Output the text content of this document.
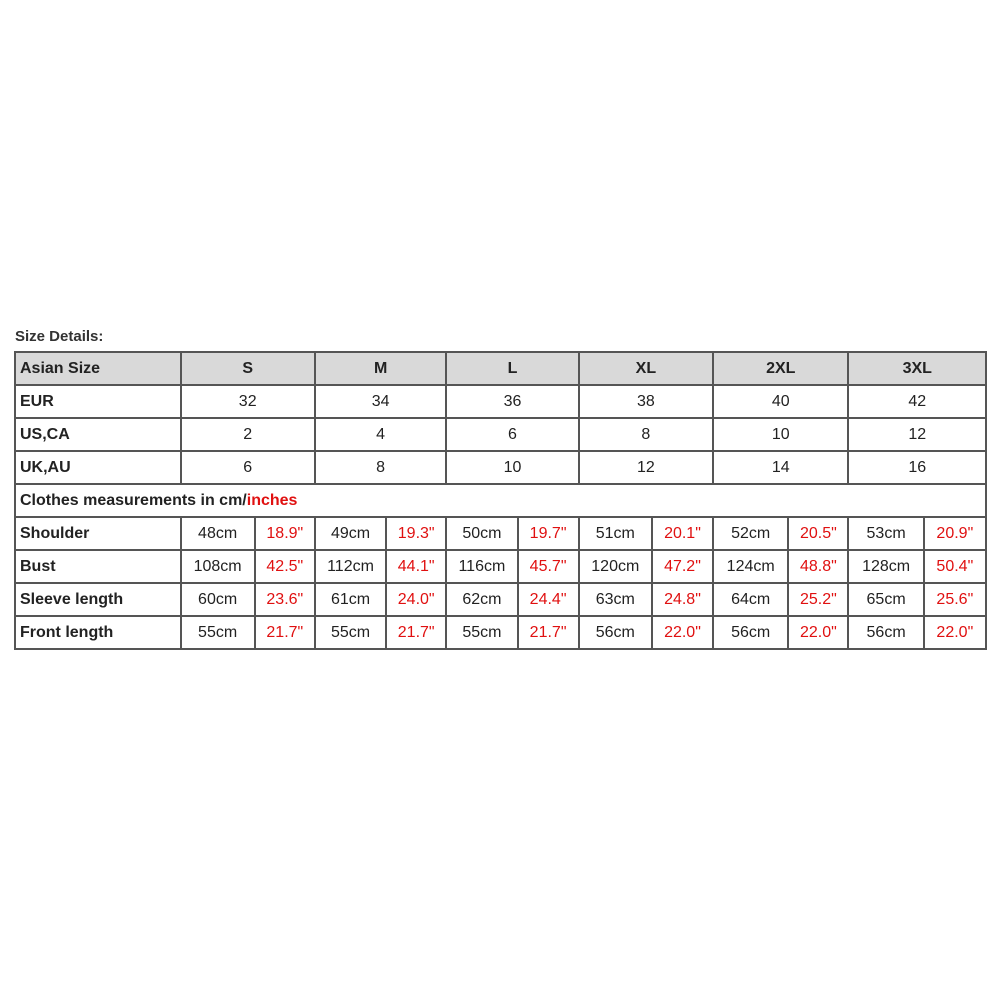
Size Details:
Asian Size	S		M		L		XL		2XL		3XL	
EUR	32		34		36		38		40		42	
US,CA	2		4		6		8		10		12	
UK,AU	6		8		10		12		14		16	
Clothes measurements in cm/inches												
Shoulder	48cm	18.9"	49cm	19.3"	50cm	19.7"	51cm	20.1"	52cm	20.5"	53cm	20.9"
Bust	108cm	42.5"	112cm	44.1"	116cm	45.7"	120cm	47.2"	124cm	48.8"	128cm	50.4"
Sleeve length	60cm	23.6"	61cm	24.0"	62cm	24.4"	63cm	24.8"	64cm	25.2"	65cm	25.6"
Front length	55cm	21.7"	55cm	21.7"	55cm	21.7"	56cm	22.0"	56cm	22.0"	56cm	22.0"
